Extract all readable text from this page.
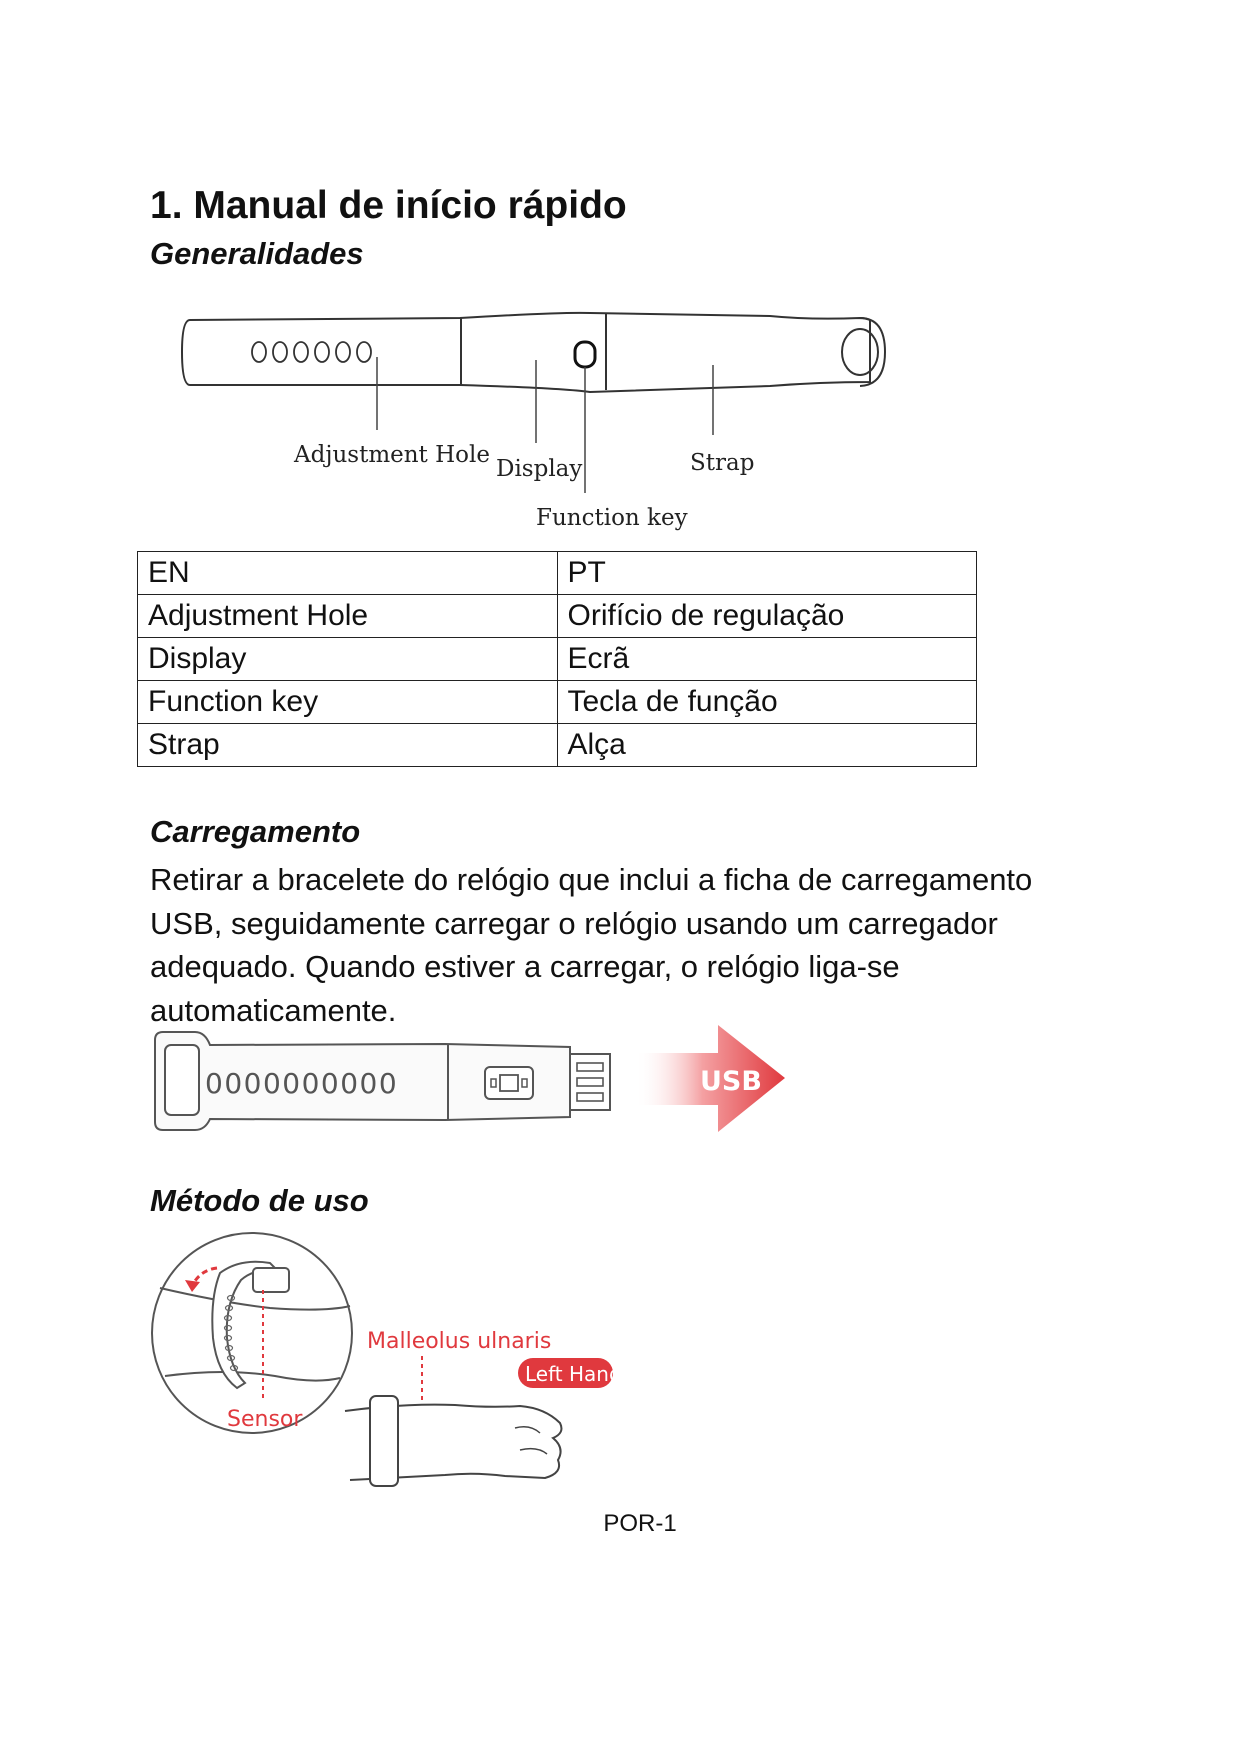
1. Manual de início rápido
Generalidades
Adjustment Hole
Display	Strap
Function key
EN	PT
Adjustment Hole	Orifício de regulação
Display	Ecrã
Function key	Tecla de função
Strap	Alça
Carregamento

Retirar a bracelete do relógio que inclui a ficha de carregamento USB, seguidamente carregar o relógio usando um carregador adequado. Quando estiver a carregar, o relógio liga-se automaticamente.

0000000000	USB
Método de uso
Sensor
Malleolus ulnaris
Left Hand
POR-1
